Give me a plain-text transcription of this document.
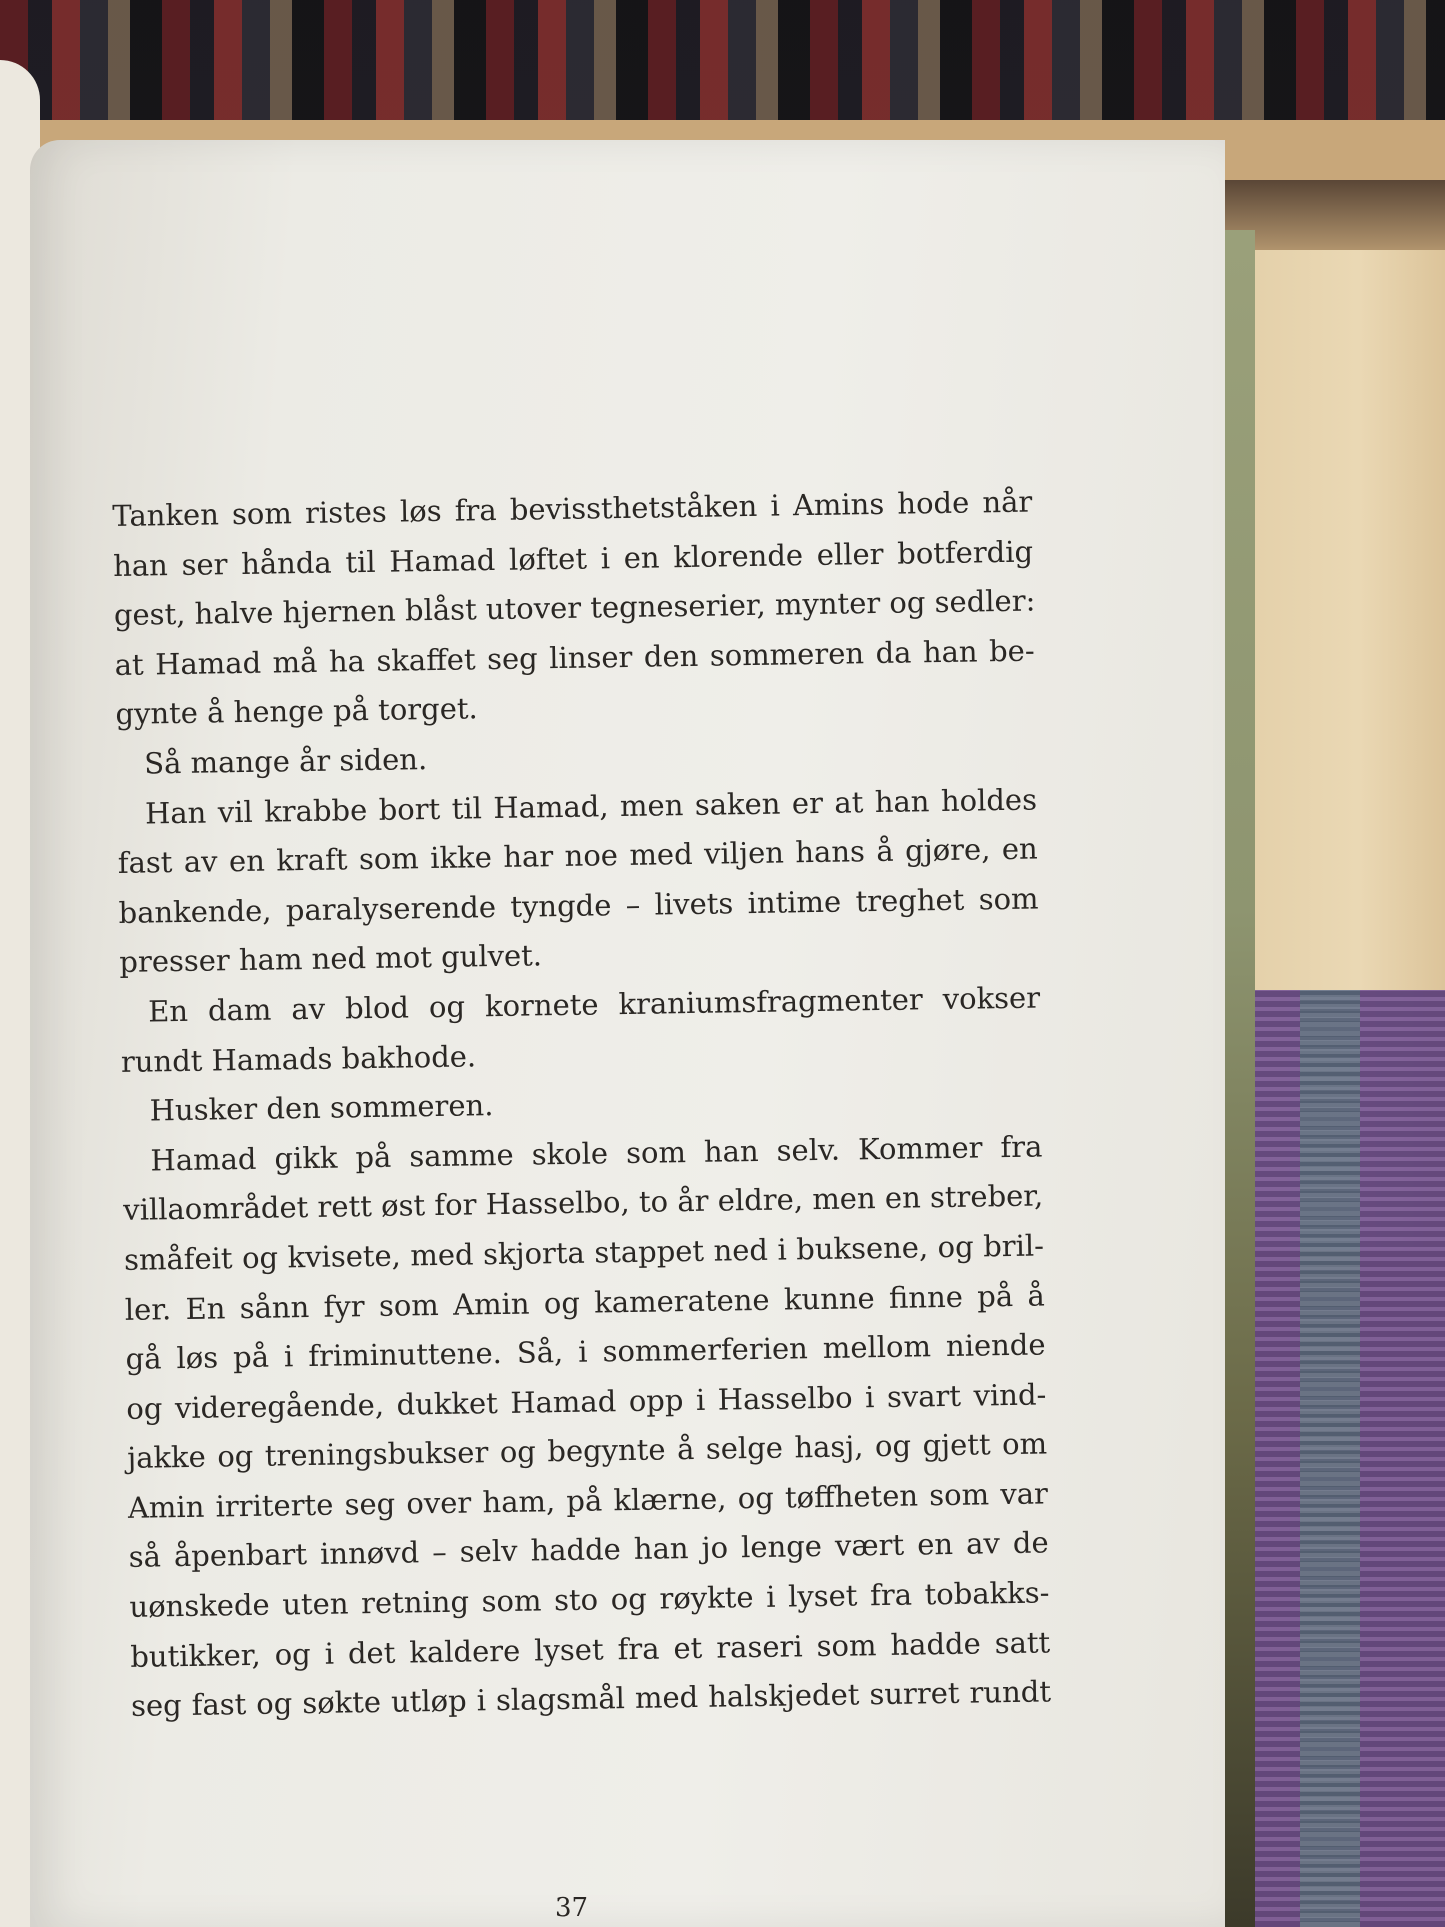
Tanken som ristes løs fra bevissthetståken i Amins hode når
han ser hånda til Hamad løftet i en klorende eller botferdig
gest, halve hjernen blåst utover tegneserier, mynter og sedler:
at Hamad må ha skaffet seg linser den sommeren da han be-
gynte å henge på torget.
Så mange år siden.
Han vil krabbe bort til Hamad, men saken er at han holdes
fast av en kraft som ikke har noe med viljen hans å gjøre, en
bankende, paralyserende tyngde – livets intime treghet som
presser ham ned mot gulvet.
En dam av blod og kornete kraniumsfragmenter vokser
rundt Hamads bakhode.
Husker den sommeren.
Hamad gikk på samme skole som han selv. Kommer fra
villaområdet rett øst for Hasselbo, to år eldre, men en streber,
småfeit og kvisete, med skjorta stappet ned i buksene, og bril-
ler. En sånn fyr som Amin og kameratene kunne finne på å
gå løs på i friminuttene. Så, i sommerferien mellom niende
og videregående, dukket Hamad opp i Hasselbo i svart vind-
jakke og treningsbukser og begynte å selge hasj, og gjett om
Amin irriterte seg over ham, på klærne, og tøffheten som var
så åpenbart innøvd – selv hadde han jo lenge vært en av de
uønskede uten retning som sto og røykte i lyset fra tobakks-
butikker, og i det kaldere lyset fra et raseri som hadde satt
seg fast og søkte utløp i slagsmål med halskjedet surret rundt
37
